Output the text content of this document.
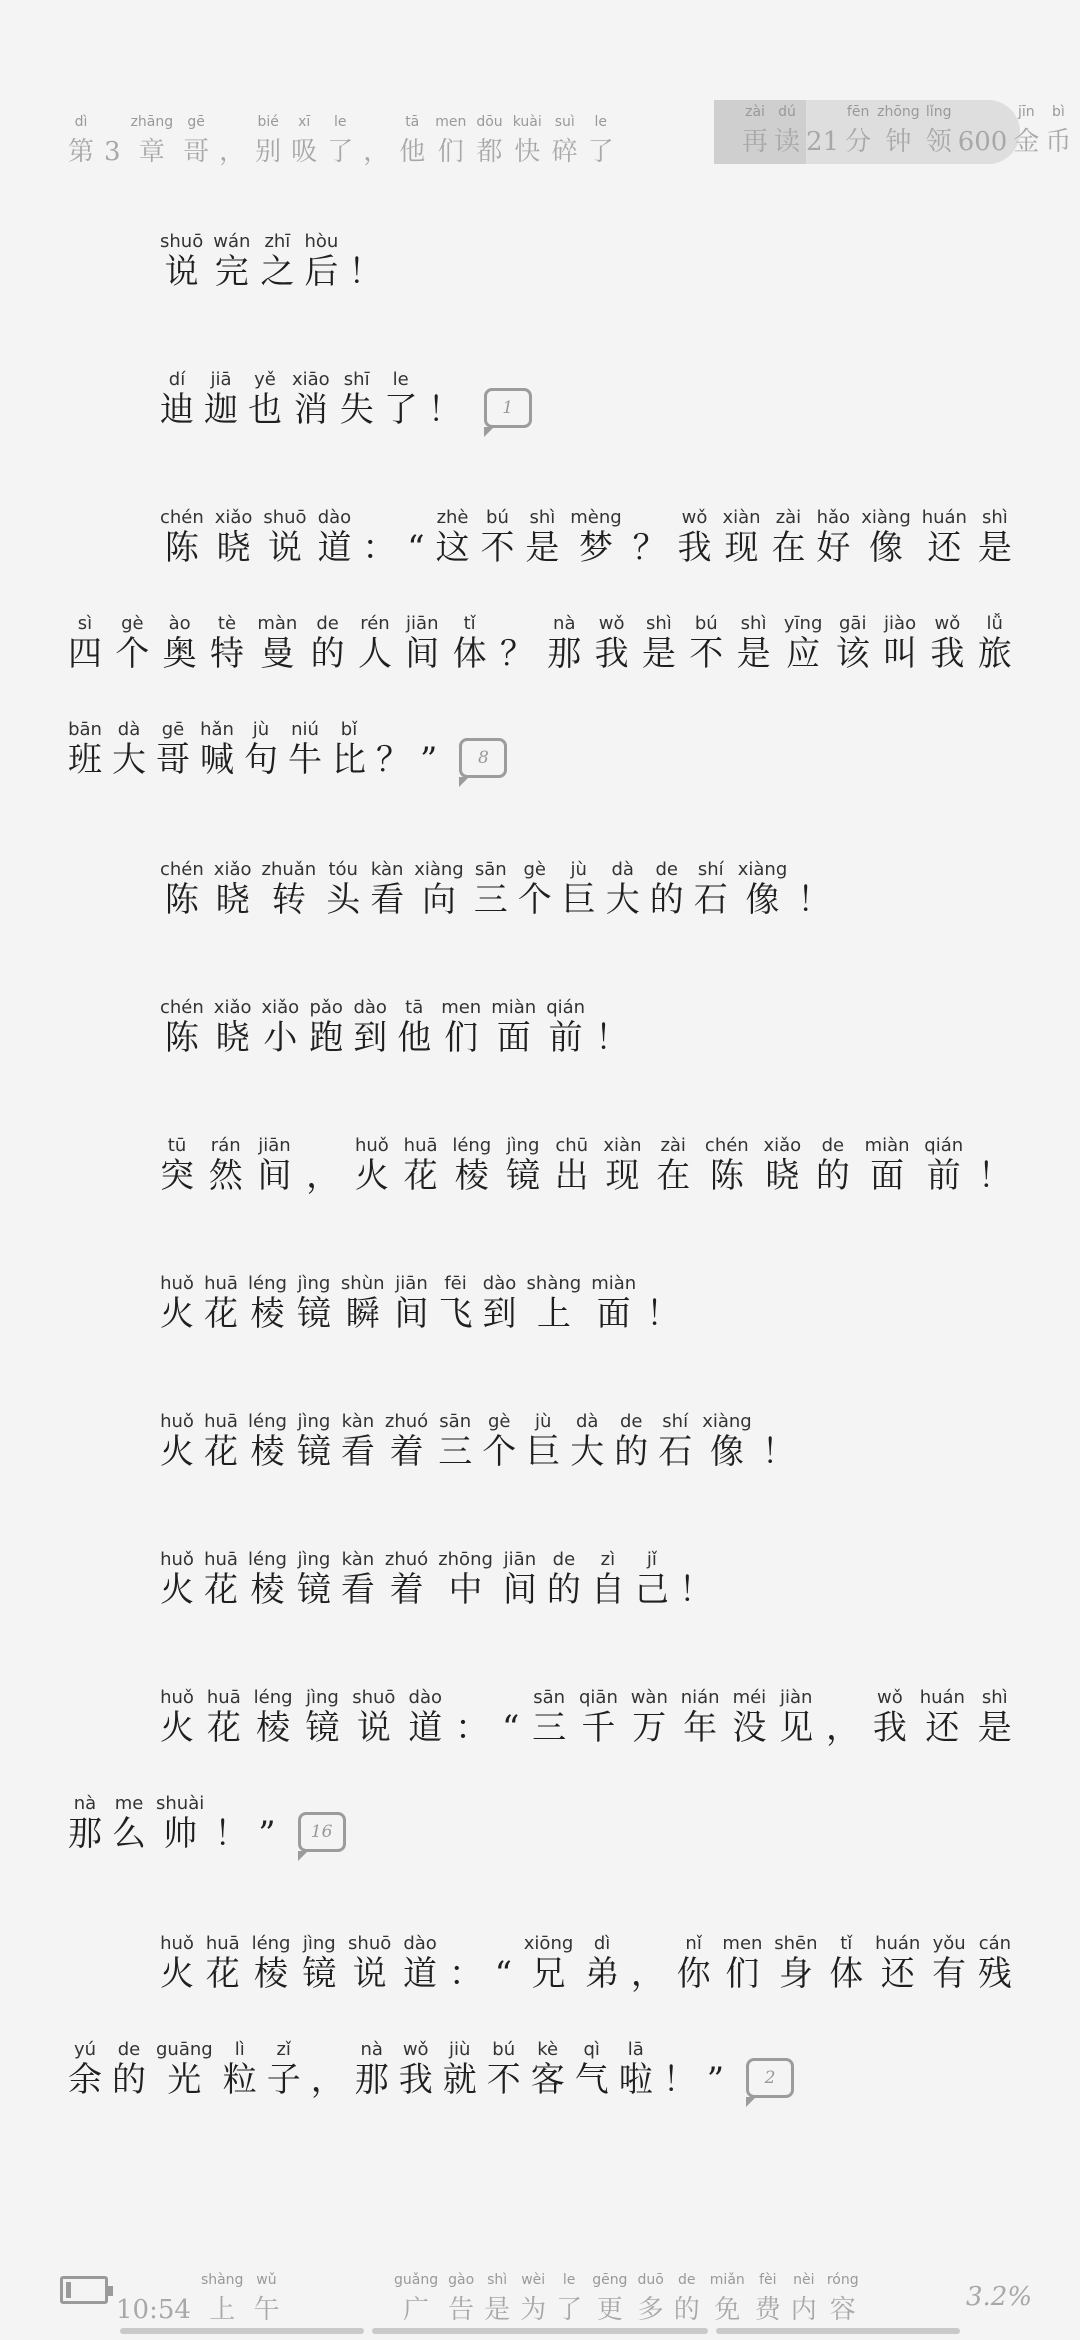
dì
第 3
zhāng
章
gē
哥 ，
bié
别
xī
吸
le
了 ，
tā
他
men
们
dōu
都
kuài
快
suì
碎
le
了
zài
再
dú
读 21
fēn
分
zhōng
钟
lǐng
领 600
jīn
金
bì
币
shuō
说
wán
完
zhī
之
hòu
后 ！
dí
迪
jiā
迦
yě
也
xiāo
消
shī
失
le
了 ！	1
chén
陈
xiǎo
晓
shuō
说
dào
道 ： “
zhè
这
bú
不
shì
是
mèng
梦 ？
wǒ
我
xiàn
现
zài
在
hǎo
好
xiàng
像
huán
还
shì
是
sì
四
gè
个
ào
奥
tè
特
màn
曼
de
的
rén
人
jiān
间
tǐ
体 ？
nà
那
wǒ
我
shì
是
bú
不
shì
是
yīng
应
gāi
该
jiào
叫
wǒ
我
lǚ
旅
bān
班
dà
大
gē
哥
hǎn
喊
jù
句
niú
牛
bǐ
比 ？ ”	8
chén
陈
xiǎo
晓
zhuǎn
转
tóu
头
kàn
看
xiàng
向
sān
三
gè
个
jù
巨
dà
大
de
的
shí
石
xiàng
像 ！
chén
陈
xiǎo
晓
xiǎo
小
pǎo
跑
dào
到
tā
他
men
们
miàn
面
qián
前 ！
tū
突
rán
然
jiān
间 ，
huǒ
火
huā
花
léng
棱
jìng
镜
chū
出
xiàn
现
zài
在
chén
陈
xiǎo
晓
de
的
miàn
面
qián
前 ！
huǒ
火
huā
花
léng
棱
jìng
镜
shùn
瞬
jiān
间
fēi
飞
dào
到
shàng
上
miàn
面 ！
huǒ
火
huā
花
léng
棱
jìng
镜
kàn
看
zhuó
着
sān
三
gè
个
jù
巨
dà
大
de
的
shí
石
xiàng
像 ！
huǒ
火
huā
花
léng
棱
jìng
镜
kàn
看
zhuó
着
zhōng
中
jiān
间
de
的
zì
自
jǐ
己 ！
huǒ
火
huā
花
léng
棱
jìng
镜
shuō
说
dào
道 ： “
sān
三
qiān
千
wàn
万
nián
年
méi
没
jiàn
见 ，
wǒ
我
huán
还
shì
是
nà
那
me
么
shuài
帅 ！ ”	16
huǒ
火
huā
花
léng
棱
jìng
镜
shuō
说
dào
道 ： “
xiōng
兄
dì
弟 ，
nǐ
你
men
们
shēn
身
tǐ
体
huán
还
yǒu
有
cán
残
yú
余
de
的
guāng
光
lì
粒
zǐ
子 ，
nà
那
wǒ
我
jiù
就
bú
不
kè
客
qì
气
lā
啦 ！ ”	2
10:54
shàng
上
wǔ
午
guǎng
广
gào
告
shì
是
wèi
为
le
了
gēng
更
duō
多
de
的
miǎn
免
fèi
费
nèi
内
róng
容	3.2%
